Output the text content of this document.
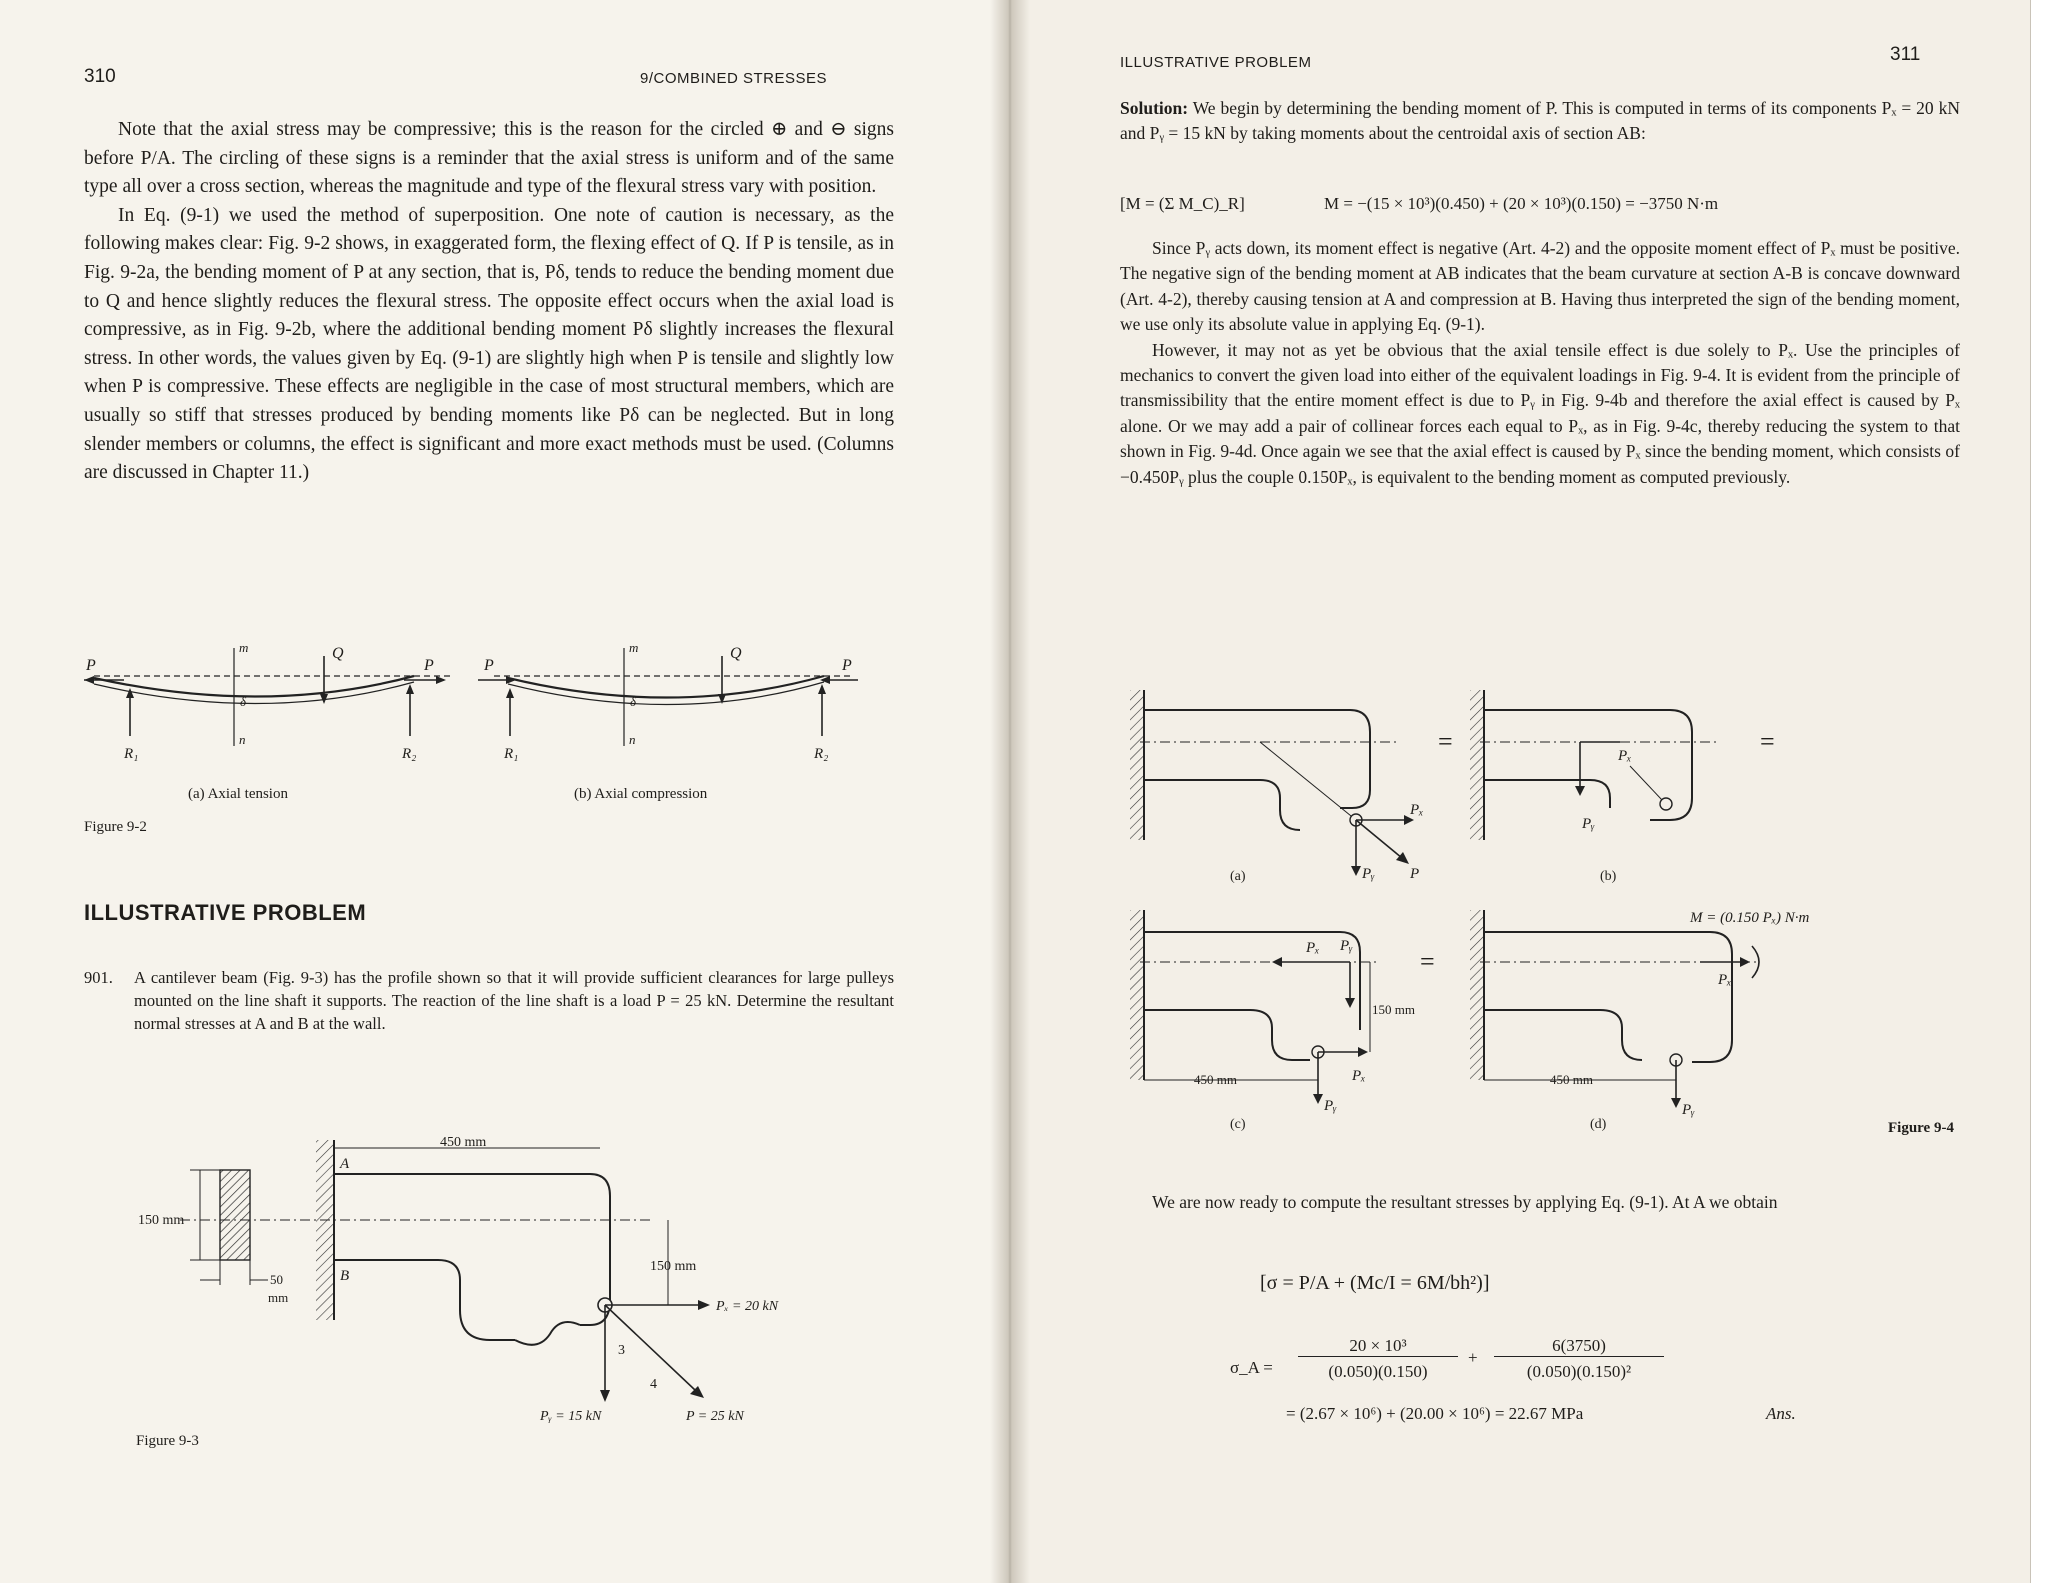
310	9/COMBINED STRESSES

Note that the axial stress may be compressive; this is the reason for the circled ⊕ and ⊖ signs before P/A. The circling of these signs is a reminder that the axial stress is uniform and of the same type all over a cross section, whereas the magnitude and type of the flexural stress vary with position.

In Eq. (9-1) we used the method of superposition. One note of caution is necessary, as the following makes clear: Fig. 9-2 shows, in exaggerated form, the flexing effect of Q. If P is tensile, as in Fig. 9-2a, the bending moment of P at any section, that is, Pδ, tends to reduce the bending moment due to Q and hence slightly reduces the flexural stress. The opposite effect occurs when the axial load is compressive, as in Fig. 9-2b, where the additional bending moment Pδ slightly increases the flexural stress. In other words, the values given by Eq. (9-1) are slightly high when P is tensile and slightly low when P is compressive. These effects are negligible in the case of most structural members, which are usually so stiff that stresses produced by bending moments like Pδ can be neglected. But in long slender members or columns, the effect is significant and more exact methods must be used. (Columns are discussed in Chapter 11.)

P	P
m
n
δ
Q
R₁	R₂
(a) Axial tension
P	P
m
n
δ
Q
R₁	R₂
(b) Axial compression
Figure 9-2
ILLUSTRATIVE PROBLEM
901.	A cantilever beam (Fig. 9-3) has the profile shown so that it will provide sufficient clearances for large pulleys mounted on the line shaft it supports. The reaction of the line shaft is a load P = 25 kN. Determine the resultant normal stresses at A and B at the wall.
150 mm
50
mm
450 mm
A
B
150 mm
Pₓ = 20 kN
Pᵧ = 15 kN	P = 25 kN
3
4
Figure 9-3
ILLUSTRATIVE PROBLEM	311

Solution: We begin by determining the bending moment of P. This is computed in terms of its components Pₓ = 20 kN and Pᵧ = 15 kN by taking moments about the centroidal axis of section AB:

[M = (Σ M_C)_R]	M = −(15 × 10³)(0.450) + (20 × 10³)(0.150) = −3750 N·m

Since Pᵧ acts down, its moment effect is negative (Art. 4-2) and the opposite moment effect of Pₓ must be positive. The negative sign of the bending moment at AB indicates that the beam curvature at section A-B is concave downward (Art. 4-2), thereby causing tension at A and compression at B. Having thus interpreted the sign of the bending moment, we use only its absolute value in applying Eq. (9-1).

However, it may not as yet be obvious that the axial tensile effect is due solely to Pₓ. Use the principles of mechanics to convert the given load into either of the equivalent loadings in Fig. 9-4. It is evident from the principle of transmissibility that the entire moment effect is due to Pᵧ in Fig. 9-4b and therefore the axial effect is caused by Pₓ alone. Or we may add a pair of collinear forces each equal to Pₓ, as in Fig. 9-4c, thereby reducing the system to that shown in Fig. 9-4d. Once again we see that the axial effect is caused by Pₓ since the bending moment, which consists of −0.450Pᵧ plus the couple 0.150Pₓ, is equivalent to the bending moment as computed previously.

Pₓ
Pᵧ P
(a)
=	Pₓ
Pᵧ
(b)
=
Pₓ Pᵧ
150 mm
Pₓ
Pᵧ
450 mm
(c)
=
Pₓ
Pᵧ
M = (0.150 Pₓ) N·m
450 mm
(d)	Figure 9-4

We are now ready to compute the resultant stresses by applying Eq. (9-1). At A we obtain

[σ = P/A + (Mc/I = 6M/bh²)]
σ_A =
20 × 10³
(0.050)(0.150)
+
6(3750)
(0.050)(0.150)²
= (2.67 × 10⁶) + (20.00 × 10⁶) = 22.67 MPa	Ans.
